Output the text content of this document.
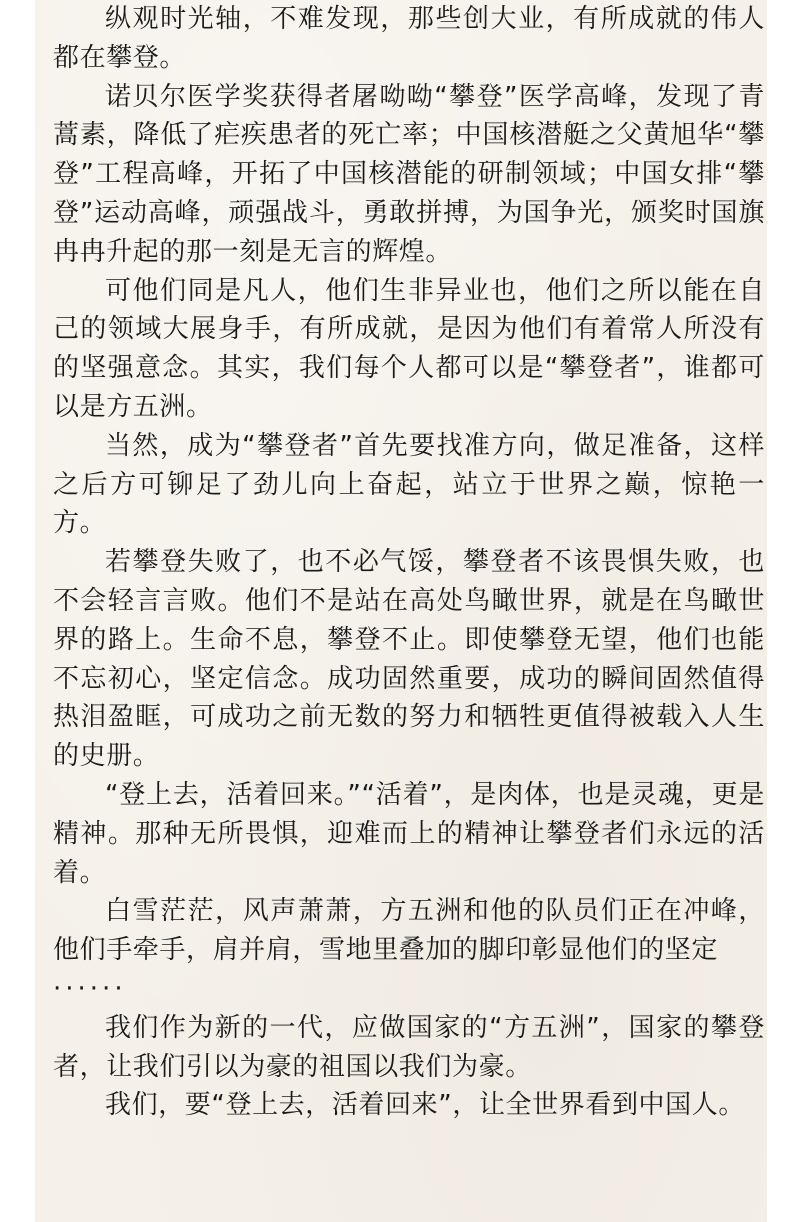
纵观时光轴，不难发现，那些创大业，有所成就的伟人都在攀登。

诺贝尔医学奖获得者屠呦呦“攀登”医学高峰，发现了青蒿素，降低了疟疾患者的死亡率；中国核潜艇之父黄旭华“攀登”工程高峰，开拓了中国核潜能的研制领域；中国女排“攀登”运动高峰，顽强战斗，勇敢拼搏，为国争光，颁奖时国旗冉冉升起的那一刻是无言的辉煌。

可他们同是凡人，他们生非异业也，他们之所以能在自己的领域大展身手，有所成就，是因为他们有着常人所没有的坚强意念。其实，我们每个人都可以是“攀登者”，谁都可以是方五洲。

当然，成为“攀登者”首先要找准方向，做足准备，这样之后方可铆足了劲儿向上奋起，站立于世界之巅，惊艳一方。

若攀登失败了，也不必气馁，攀登者不该畏惧失败，也不会轻言言败。他们不是站在高处鸟瞰世界，就是在鸟瞰世界的路上。生命不息，攀登不止。即使攀登无望，他们也能不忘初心，坚定信念。成功固然重要，成功的瞬间固然值得热泪盈眶，可成功之前无数的努力和牺牲更值得被载入人生的史册。

“登上去，活着回来。”“活着”，是肉体，也是灵魂，更是精神。那种无所畏惧，迎难而上的精神让攀登者们永远的活着。

白雪茫茫，风声萧萧，方五洲和他的队员们正在冲峰，他们手牵手，肩并肩，雪地里叠加的脚印彰显他们的坚定

······

我们作为新的一代，应做国家的“方五洲”，国家的攀登者，让我们引以为豪的祖国以我们为豪。

我们，要“登上去，活着回来”，让全世界看到中国人。
